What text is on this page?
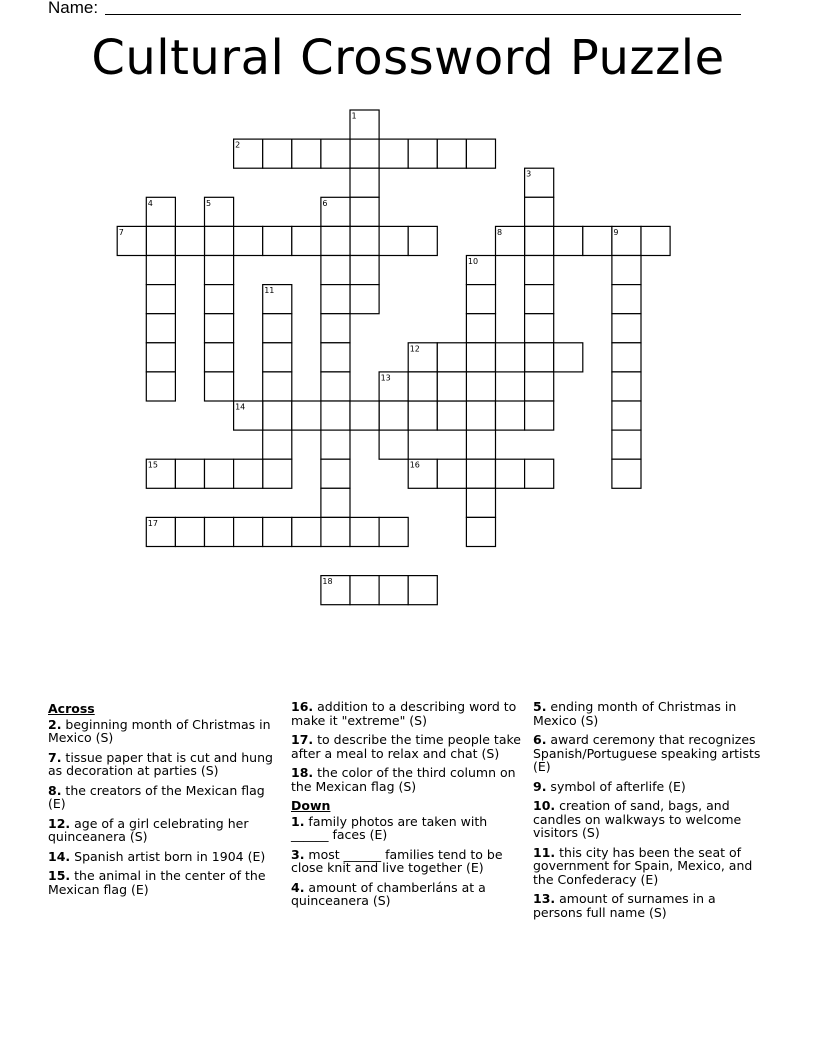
Name:
Cultural Crossword Puzzle
1
2
3
4	5	6
7	8	9
10
11
12
13
14
15	16
17
18
Across
2. beginning month of Christmas in Mexico (S)
7. tissue paper that is cut and hung as decoration at parties (S)
8. the creators of the Mexican flag (E)
12. age of a girl celebrating her quinceanera (S)
14. Spanish artist born in 1904 (E)
15. the animal in the center of the Mexican flag (E)
16. addition to a describing word to make it "extreme" (S)
17. to describe the time people take after a meal to relax and chat (S)
18. the color of the third column on the Mexican flag (S)
Down
1. family photos are taken with ______ faces (E)
3. most ______ families tend to be close knit and live together (E)
4. amount of chamberláns at a quinceanera (S)
5. ending month of Christmas in Mexico (S)
6. award ceremony that recognizes Spanish/Portuguese speaking artists (E)
9. symbol of afterlife (E)
10. creation of sand, bags, and candles on walkways to welcome visitors (S)
11. this city has been the seat of government for Spain, Mexico, and the Confederacy (E)
13. amount of surnames in a persons full name (S)
